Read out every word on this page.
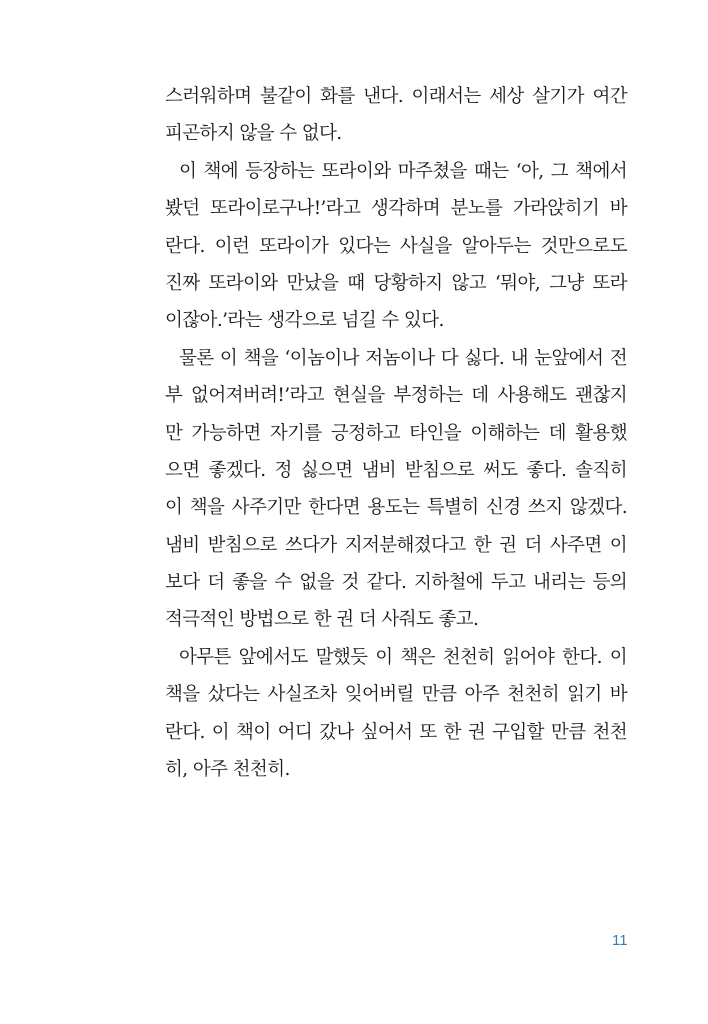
스러워하며 불같이 화를 낸다. 이래서는 세상 살기가 여간
피곤하지 않을 수 없다.
이 책에 등장하는 또라이와 마주쳤을 때는 ‘아, 그 책에서
봤던 또라이로구나!’라고 생각하며 분노를 가라앉히기 바
란다. 이런 또라이가 있다는 사실을 알아두는 것만으로도
진짜 또라이와 만났을 때 당황하지 않고 ‘뭐야, 그냥 또라
이잖아.’라는 생각으로 넘길 수 있다.
물론 이 책을 ‘이놈이나 저놈이나 다 싫다. 내 눈앞에서 전
부 없어져버려!’라고 현실을 부정하는 데 사용해도 괜찮지
만 가능하면 자기를 긍정하고 타인을 이해하는 데 활용했
으면 좋겠다. 정 싫으면 냄비 받침으로 써도 좋다. 솔직히
이 책을 사주기만 한다면 용도는 특별히 신경 쓰지 않겠다.
냄비 받침으로 쓰다가 지저분해졌다고 한 권 더 사주면 이
보다 더 좋을 수 없을 것 같다. 지하철에 두고 내리는 등의
적극적인 방법으로 한 권 더 사줘도 좋고.
아무튼 앞에서도 말했듯 이 책은 천천히 읽어야 한다. 이
책을 샀다는 사실조차 잊어버릴 만큼 아주 천천히 읽기 바
란다. 이 책이 어디 갔나 싶어서 또 한 권 구입할 만큼 천천
히, 아주 천천히.
11
